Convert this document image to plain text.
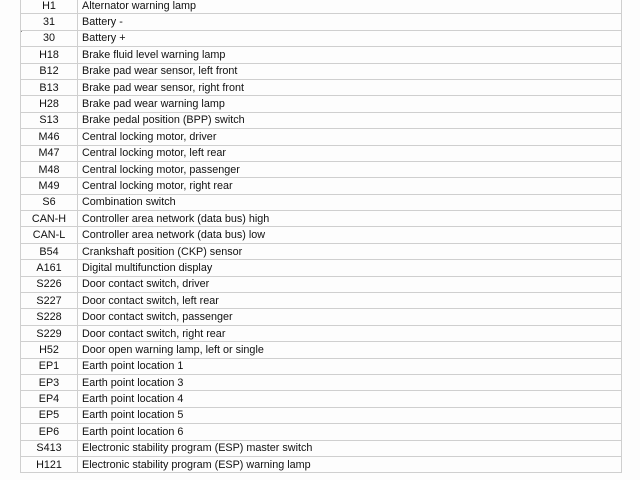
H1	Alternator warning lamp
31	Battery -
30	Battery +
H18	Brake fluid level warning lamp
B12	Brake pad wear sensor, left front
B13	Brake pad wear sensor, right front
H28	Brake pad wear warning lamp
S13	Brake pedal position (BPP) switch
M46	Central locking motor, driver
M47	Central locking motor, left rear
M48	Central locking motor, passenger
M49	Central locking motor, right rear
S6	Combination switch
CAN-H	Controller area network (data bus) high
CAN-L	Controller area network (data bus) low
B54	Crankshaft position (CKP) sensor
A161	Digital multifunction display
S226	Door contact switch, driver
S227	Door contact switch, left rear
S228	Door contact switch, passenger
S229	Door contact switch, right rear
H52	Door open warning lamp, left or single
EP1	Earth point location 1
EP3	Earth point location 3
EP4	Earth point location 4
EP5	Earth point location 5
EP6	Earth point location 6
S413	Electronic stability program (ESP) master switch
H121	Electronic stability program (ESP) warning lamp
